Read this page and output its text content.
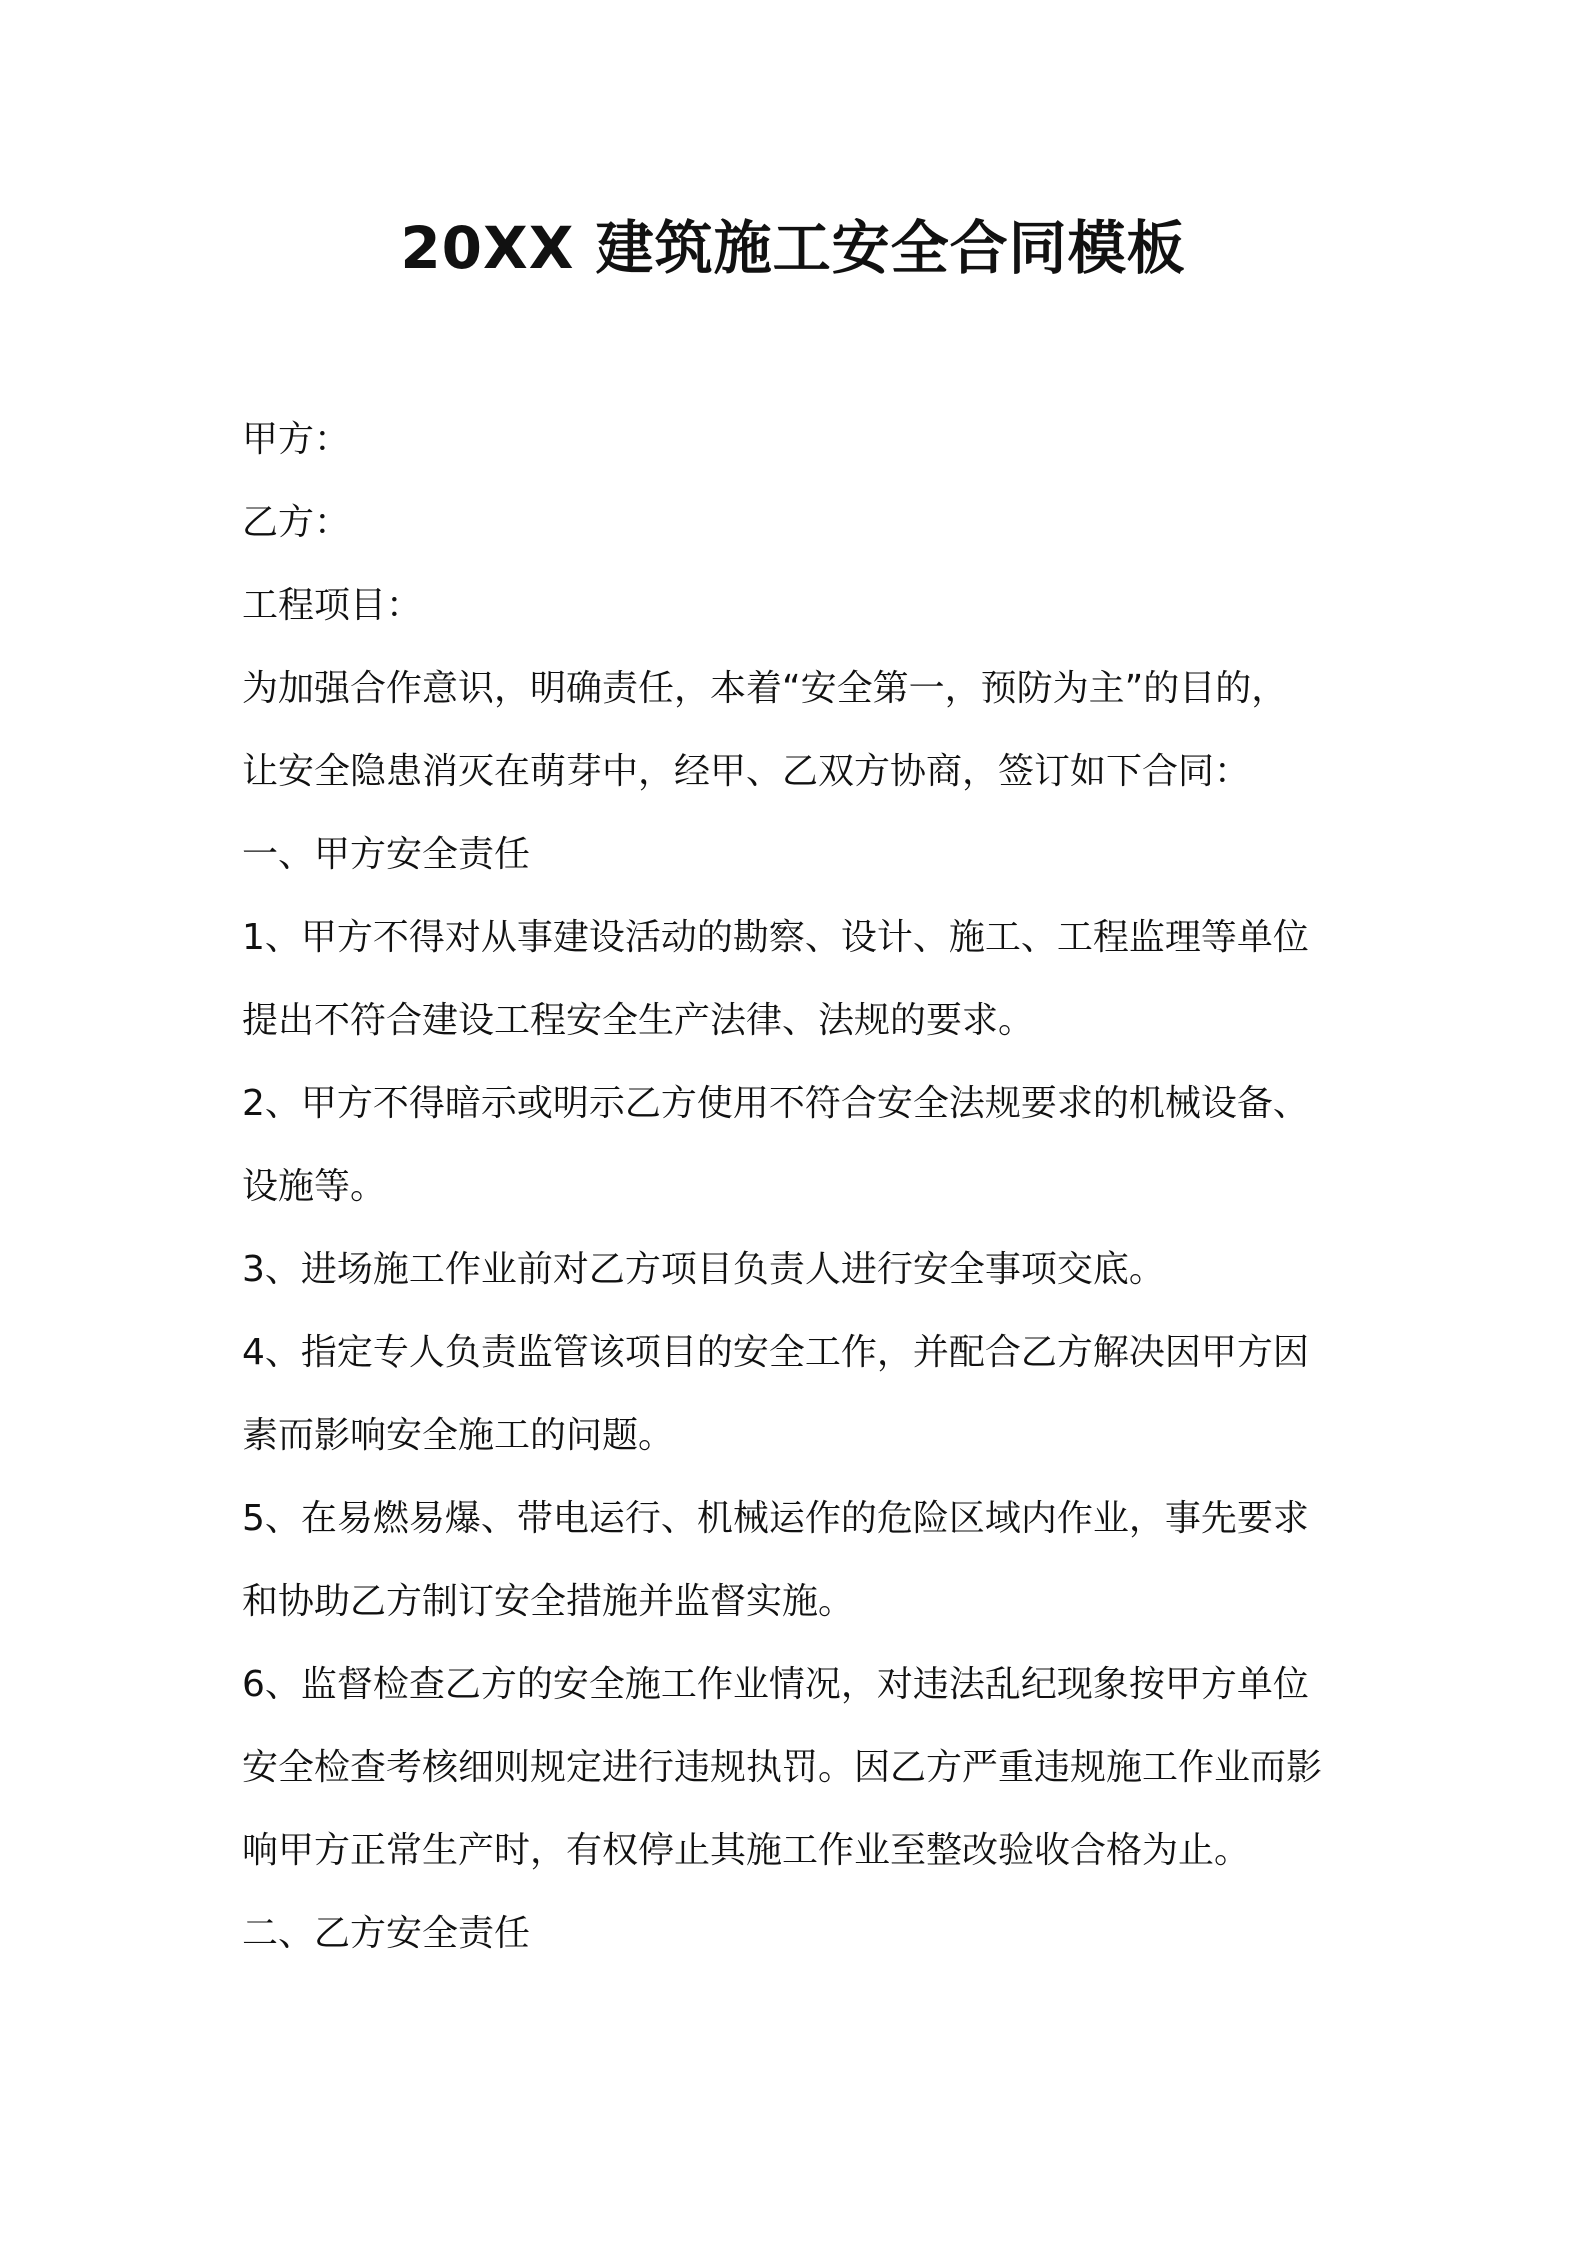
20XX 建筑施工安全合同模板
甲方：
乙方：
工程项目：
为加强合作意识，明确责任，本着“安全第一，预防为主”的目的，
让安全隐患消灭在萌芽中，经甲、乙双方协商，签订如下合同：
一、甲方安全责任
1、甲方不得对从事建设活动的勘察、设计、施工、工程监理等单位
提出不符合建设工程安全生产法律、法规的要求。
2、甲方不得暗示或明示乙方使用不符合安全法规要求的机械设备、
设施等。
3、进场施工作业前对乙方项目负责人进行安全事项交底。
4、指定专人负责监管该项目的安全工作，并配合乙方解决因甲方因
素而影响安全施工的问题。
5、在易燃易爆、带电运行、机械运作的危险区域内作业，事先要求
和协助乙方制订安全措施并监督实施。
6、监督检查乙方的安全施工作业情况，对违法乱纪现象按甲方单位
安全检查考核细则规定进行违规执罚。因乙方严重违规施工作业而影
响甲方正常生产时，有权停止其施工作业至整改验收合格为止。
二、乙方安全责任
